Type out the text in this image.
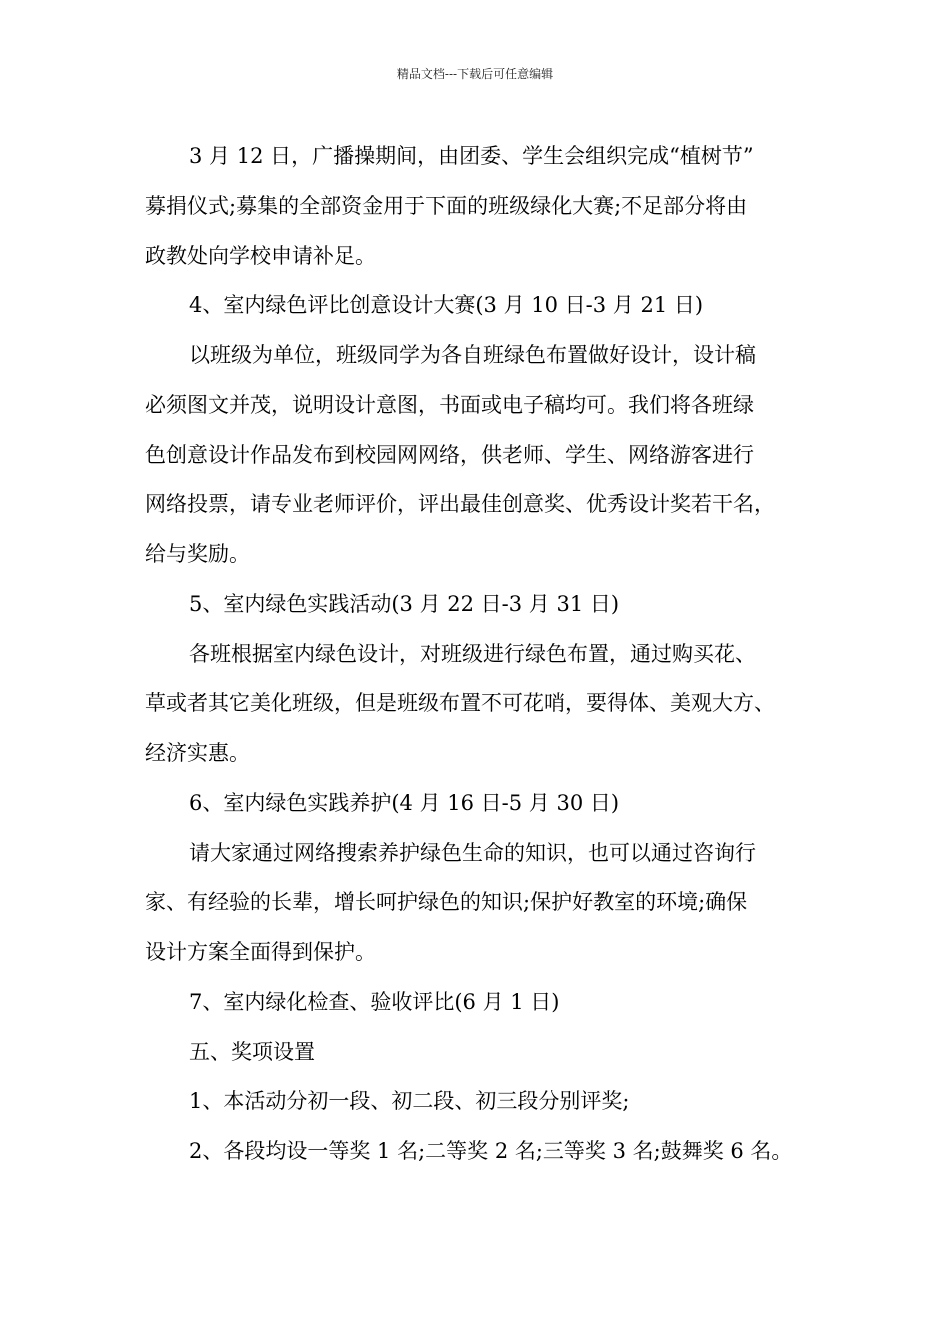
精品文档---下载后可任意编辑
3 月 12 日，广播操期间，由团委、学生会组织完成“植树节”
募捐仪式;募集的全部资金用于下面的班级绿化大赛;不足部分将由
政教处向学校申请补足。
4、室内绿色评比创意设计大赛(3 月 10 日-3 月 21 日)
以班级为单位，班级同学为各自班绿色布置做好设计，设计稿
必须图文并茂，说明设计意图，书面或电子稿均可。我们将各班绿
色创意设计作品发布到校园网网络，供老师、学生、网络游客进行
网络投票，请专业老师评价，评出最佳创意奖、优秀设计奖若干名，
给与奖励。
5、室内绿色实践活动(3 月 22 日-3 月 31 日)
各班根据室内绿色设计，对班级进行绿色布置，通过购买花、
草或者其它美化班级，但是班级布置不可花哨，要得体、美观大方、
经济实惠。
6、室内绿色实践养护(4 月 16 日-5 月 30 日)
请大家通过网络搜索养护绿色生命的知识，也可以通过咨询行
家、有经验的长辈，增长呵护绿色的知识;保护好教室的环境;确保
设计方案全面得到保护。
7、室内绿化检查、验收评比(6 月 1 日)
五、奖项设置
1、本活动分初一段、初二段、初三段分别评奖;
2、各段均设一等奖 1 名;二等奖 2 名;三等奖 3 名;鼓舞奖 6 名。
